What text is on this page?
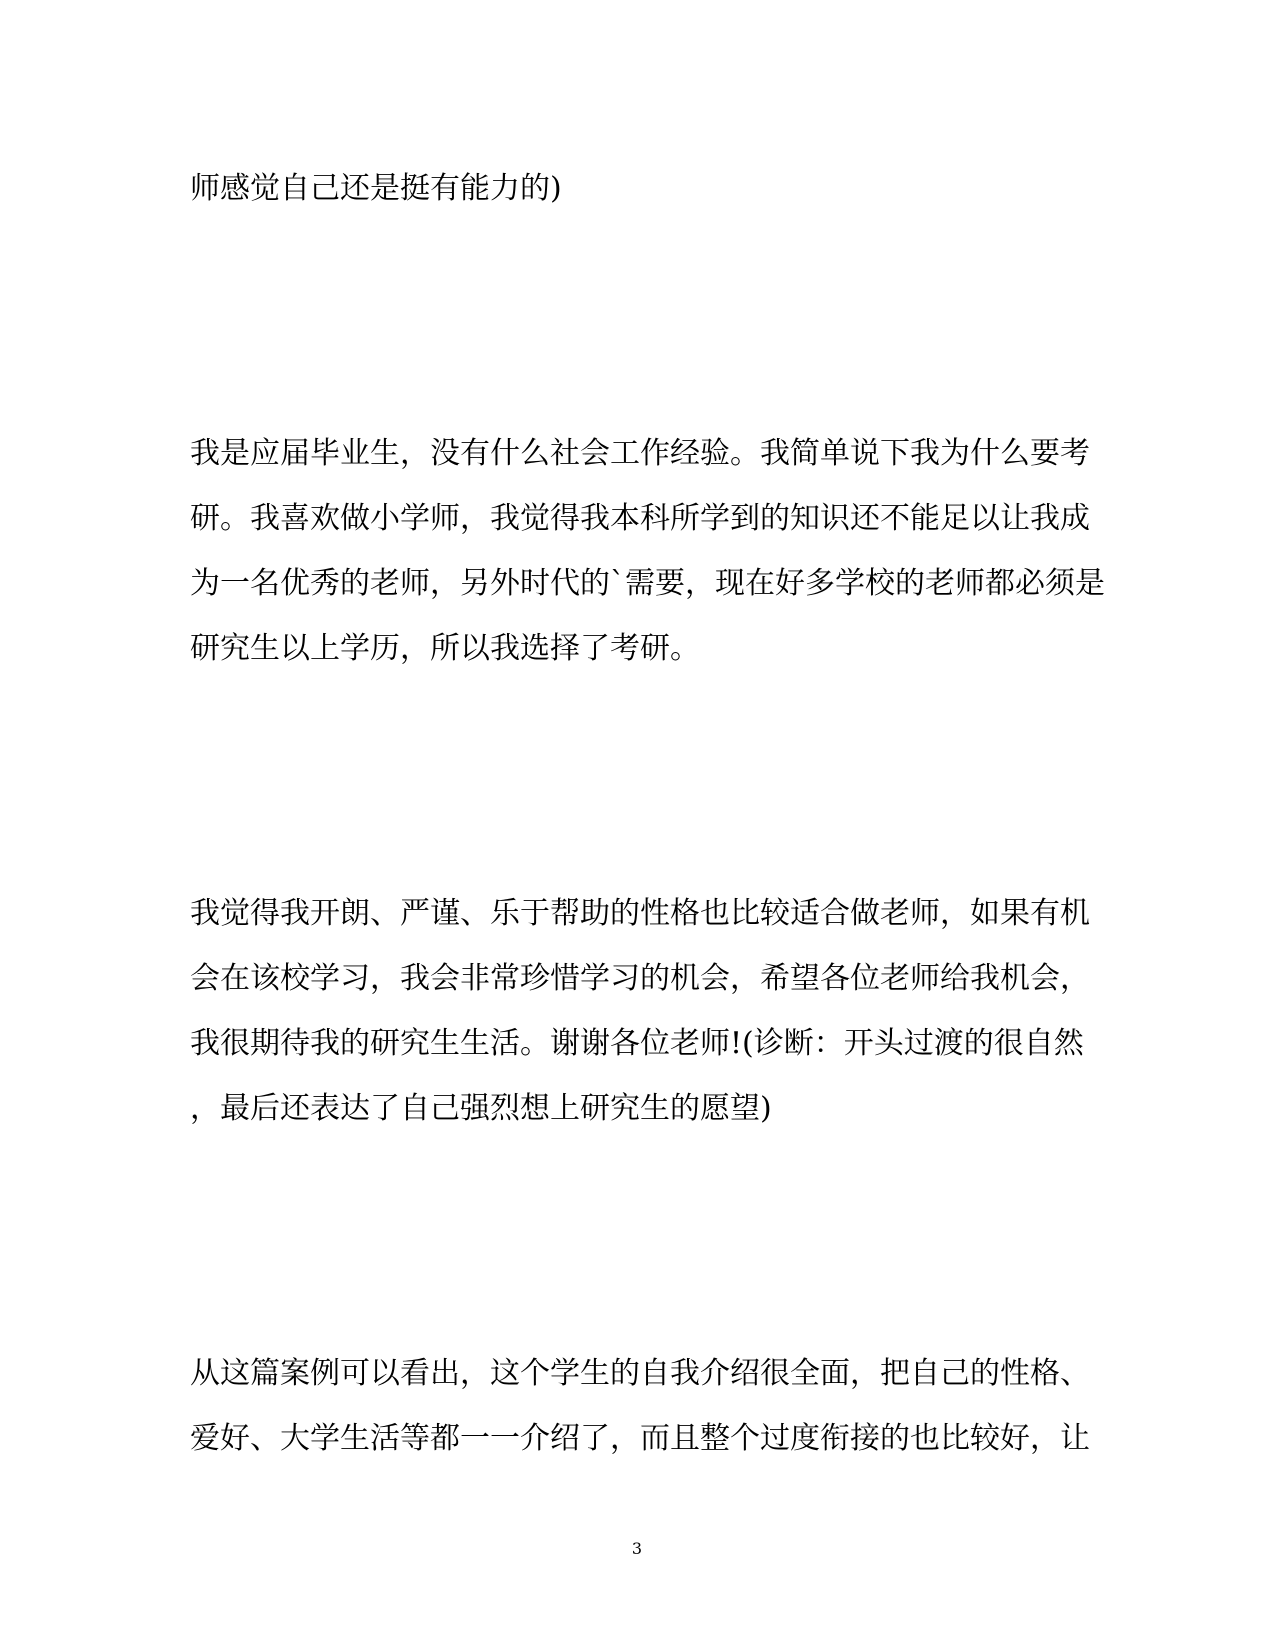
师感觉自己还是挺有能力的)
我是应届毕业生，没有什么社会工作经验。我简单说下我为什么要考
研。我喜欢做小学师，我觉得我本科所学到的知识还不能足以让我成
为一名优秀的老师，另外时代的`需要，现在好多学校的老师都必须是
研究生以上学历，所以我选择了考研。
我觉得我开朗、严谨、乐于帮助的性格也比较适合做老师，如果有机
会在该校学习，我会非常珍惜学习的机会，希望各位老师给我机会，
我很期待我的研究生生活。谢谢各位老师!(诊断：开头过渡的很自然
，最后还表达了自己强烈想上研究生的愿望)
从这篇案例可以看出，这个学生的自我介绍很全面，把自己的性格、
爱好、大学生活等都一一介绍了，而且整个过度衔接的也比较好，让
3
